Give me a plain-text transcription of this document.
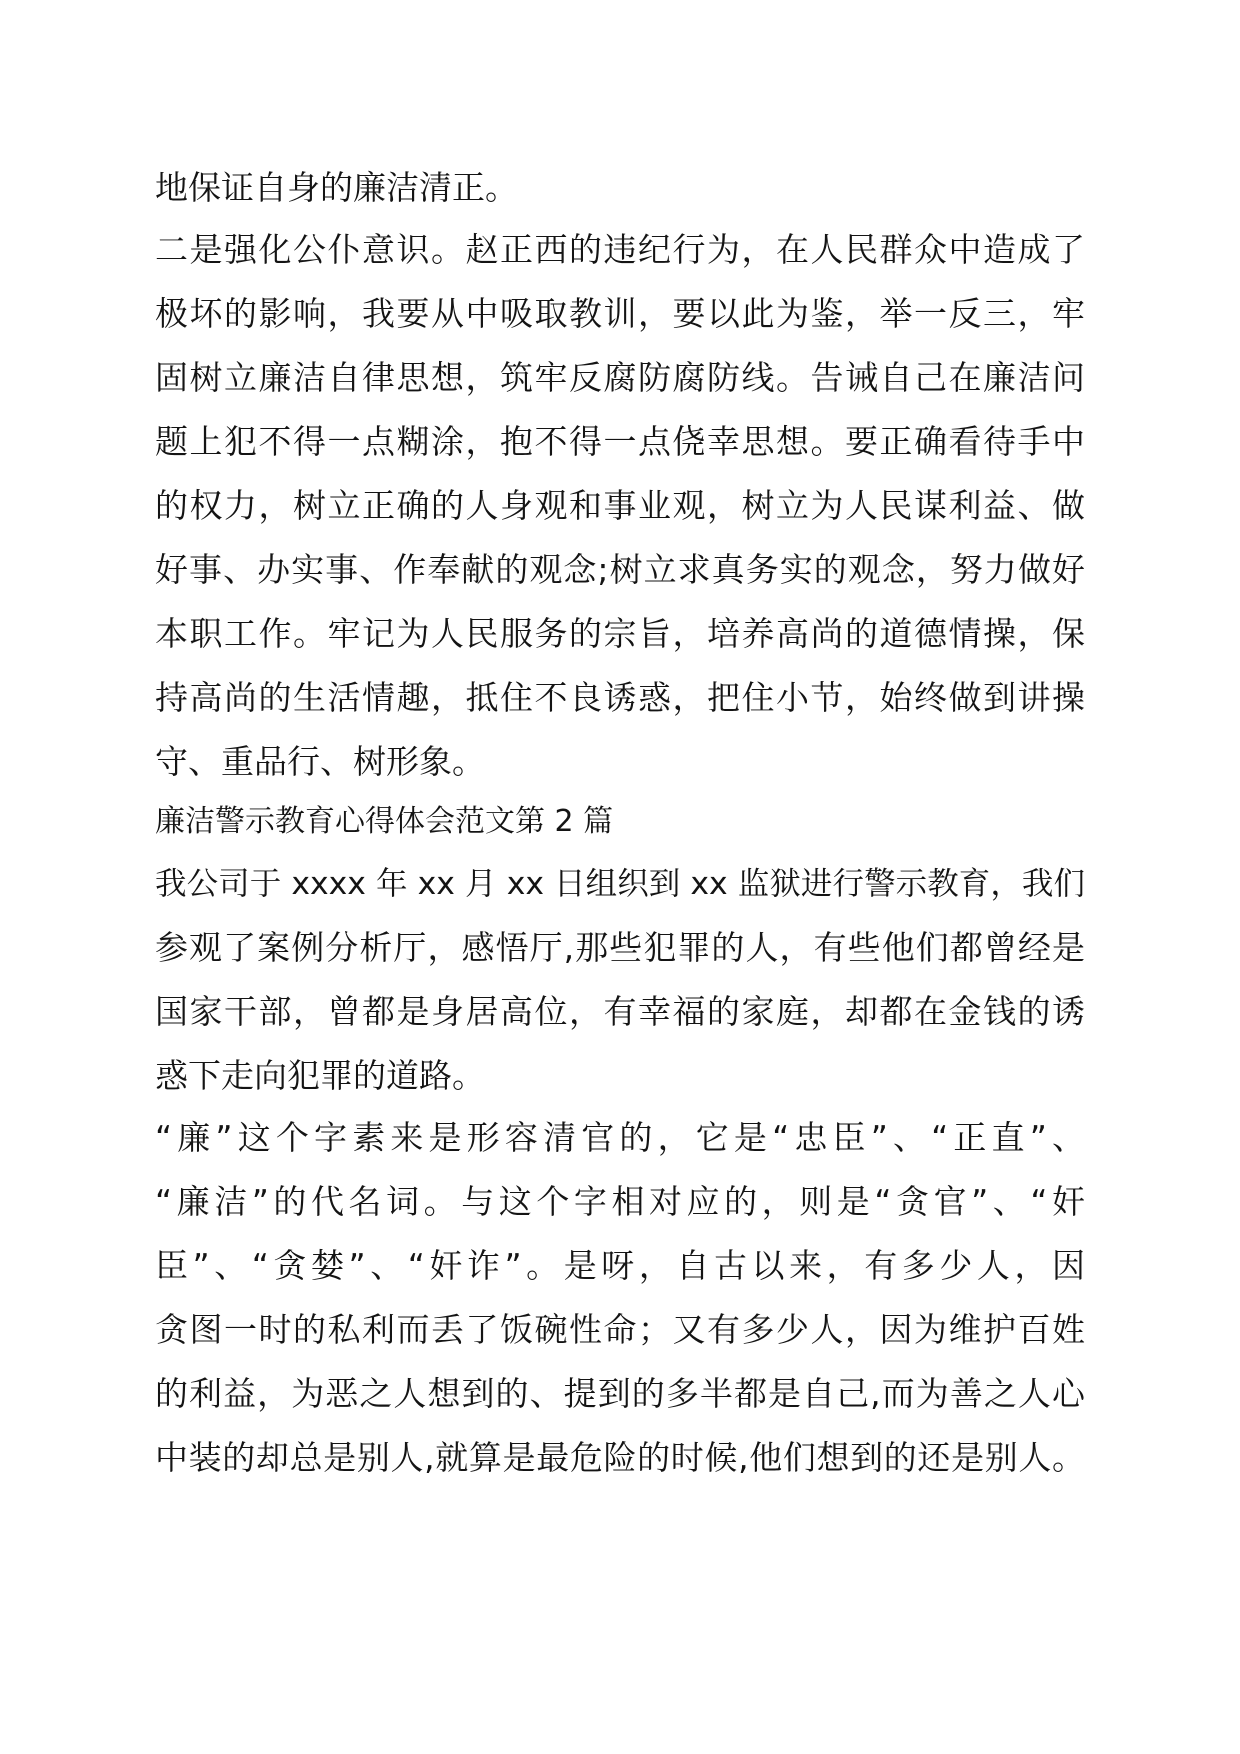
地保证自身的廉洁清正。
二是强化公仆意识。赵正西的违纪行为，在人民群众中造成了
极坏的影响，我要从中吸取教训，要以此为鉴，举一反三，牢
固树立廉洁自律思想，筑牢反腐防腐防线。告诫自己在廉洁问
题上犯不得一点糊涂，抱不得一点侥幸思想。要正确看待手中
的权力，树立正确的人身观和事业观，树立为人民谋利益、做
好事、办实事、作奉献的观念;树立求真务实的观念，努力做好
本职工作。牢记为人民服务的宗旨，培养高尚的道德情操，保
持高尚的生活情趣，抵住不良诱惑，把住小节，始终做到讲操
守、重品行、树形象。
廉洁警示教育心得体会范文第 2 篇
我公司于 xxxx 年 xx 月 xx 日组织到 xx 监狱进行警示教育，我们
参观了案例分析厅，感悟厅,那些犯罪的人，有些他们都曾经是
国家干部，曾都是身居高位，有幸福的家庭，却都在金钱的诱
惑下走向犯罪的道路。
“廉”这个字素来是形容清官的，它是“忠臣”、“正直”、
“廉洁”的代名词。与这个字相对应的，则是“贪官”、“奸
臣”、“贪婪”、“奸诈”。是呀，自古以来，有多少人，因
贪图一时的私利而丢了饭碗性命；又有多少人，因为维护百姓
的利益，为恶之人想到的、提到的多半都是自己,而为善之人心
中装的却总是别人,就算是最危险的时候,他们想到的还是别人。
